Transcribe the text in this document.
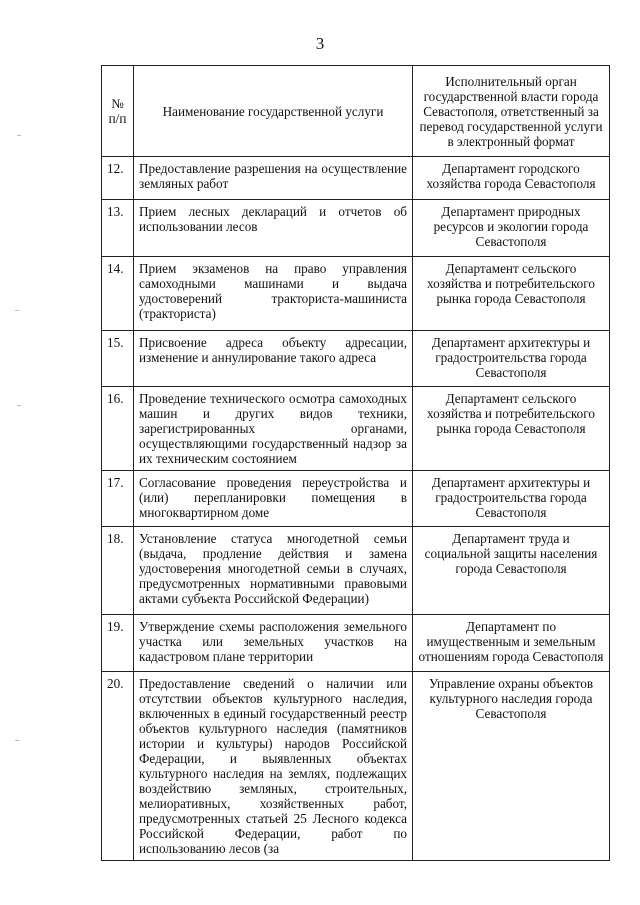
3
№ п/п	Наименование государственной услуги	Исполнительный орган государственной власти города Севастополя, ответственный за перевод государственной услуги в электронный формат
12.	Предоставление разрешения на осуществление земляных работ	Департамент городского хозяйства города Севастополя
13.	Прием лесных деклараций и отчетов об использовании лесов	Департамент природных ресурсов и экологии города Севастополя
14.	Прием экзаменов на право управления самоходными машинами и выдача удостоверений тракториста-машиниста (тракториста)	Департамент сельского хозяйства и потребительского рынка города Севастополя
15.	Присвоение адреса объекту адресации, изменение и аннулирование такого адреса	Департамент архитектуры и градостроительства города Севастополя
16.	Проведение технического осмотра самоходных машин и других видов техники, зарегистрированных органами, осуществляющими государственный надзор за их техническим состоянием	Департамент сельского хозяйства и потребительского рынка города Севастополя
17.	Согласование проведения переустройства и (или) перепланировки помещения в многоквартирном доме	Департамент архитектуры и градостроительства города Севастополя
18.	Установление статуса многодетной семьи (выдача, продление действия и замена удостоверения многодетной семьи в случаях, предусмотренных нормативными правовыми актами субъекта Российской Федерации)	Департамент труда и социальной защиты населения города Севастополя
19.	Утверждение схемы расположения земельного участка или земельных участков на кадастровом плане территории	Департамент по имущественным и земельным отношениям города Севастополя
20.	Предоставление сведений о наличии или отсутствии объектов культурного наследия, включенных в единый государственный реестр объектов культурного наследия (памятников истории и культуры) народов Российской Федерации, и выявленных объектах культурного наследия на землях, подлежащих воздействию земляных, строительных, мелиоративных, хозяйственных работ, предусмотренных статьей 25 Лесного кодекса Российской Федерации, работ по использованию лесов (за	Управление охраны объектов культурного наследия города Севастополя
